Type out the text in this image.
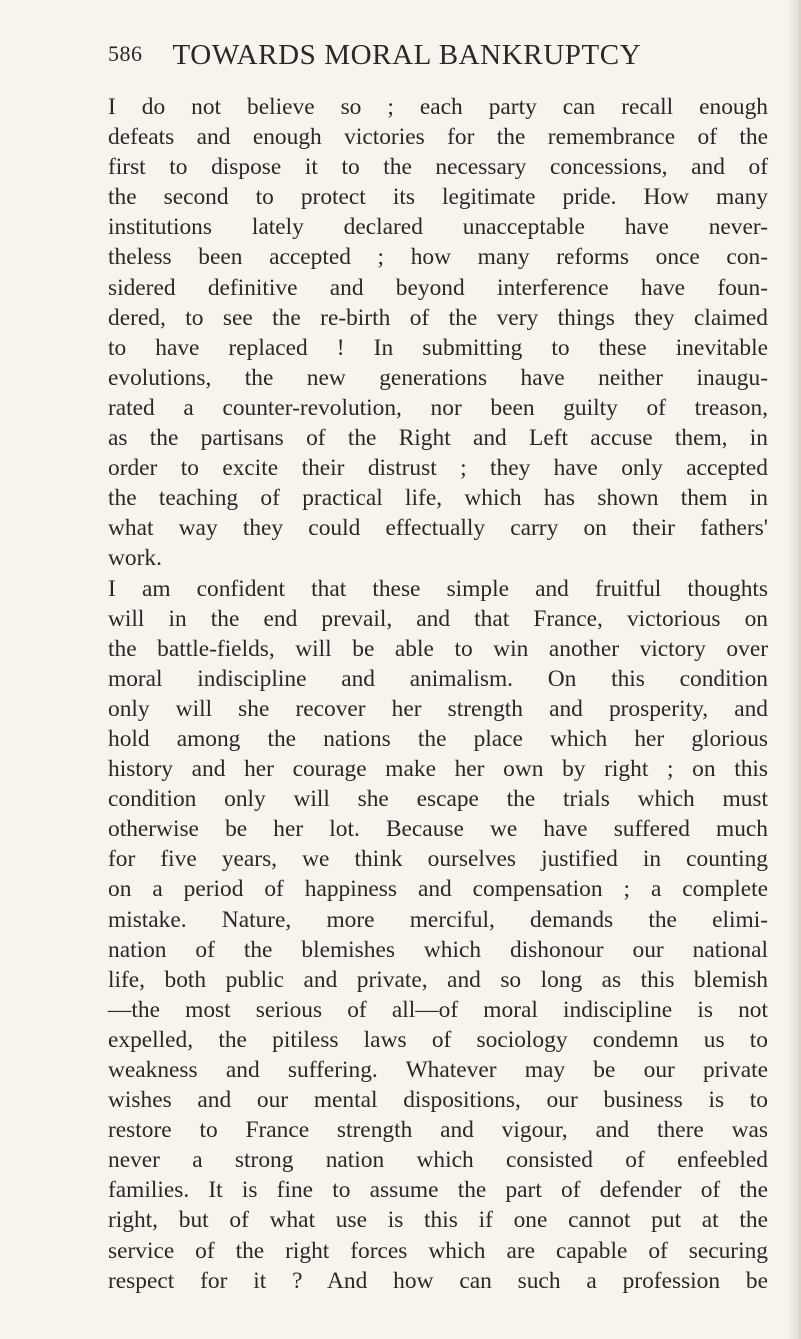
586 TOWARDS MORAL BANKRUPTCY
I do not believe so ; each party can recall enough
defeats and enough victories for the remembrance of the
first to dispose it to the necessary concessions, and of
the second to protect its legitimate pride. How many
institutions lately declared unacceptable have never-
theless been accepted ; how many reforms once con-
sidered definitive and beyond interference have foun-
dered, to see the re-birth of the very things they claimed
to have replaced ! In submitting to these inevitable
evolutions, the new generations have neither inaugu-
rated a counter-revolution, nor been guilty of treason,
as the partisans of the Right and Left accuse them, in
order to excite their distrust ; they have only accepted
the teaching of practical life, which has shown them in
what way they could effectually carry on their fathers'
work.
I am confident that these simple and fruitful thoughts
will in the end prevail, and that France, victorious on
the battle-fields, will be able to win another victory over
moral indiscipline and animalism. On this condition
only will she recover her strength and prosperity, and
hold among the nations the place which her glorious
history and her courage make her own by right ; on this
condition only will she escape the trials which must
otherwise be her lot. Because we have suffered much
for five years, we think ourselves justified in counting
on a period of happiness and compensation ; a complete
mistake. Nature, more merciful, demands the elimi-
nation of the blemishes which dishonour our national
life, both public and private, and so long as this blemish
—the most serious of all—of moral indiscipline is not
expelled, the pitiless laws of sociology condemn us to
weakness and suffering. Whatever may be our private
wishes and our mental dispositions, our business is to
restore to France strength and vigour, and there was
never a strong nation which consisted of enfeebled
families. It is fine to assume the part of defender of the
right, but of what use is this if one cannot put at the
service of the right forces which are capable of securing
respect for it ? And how can such a profession be
